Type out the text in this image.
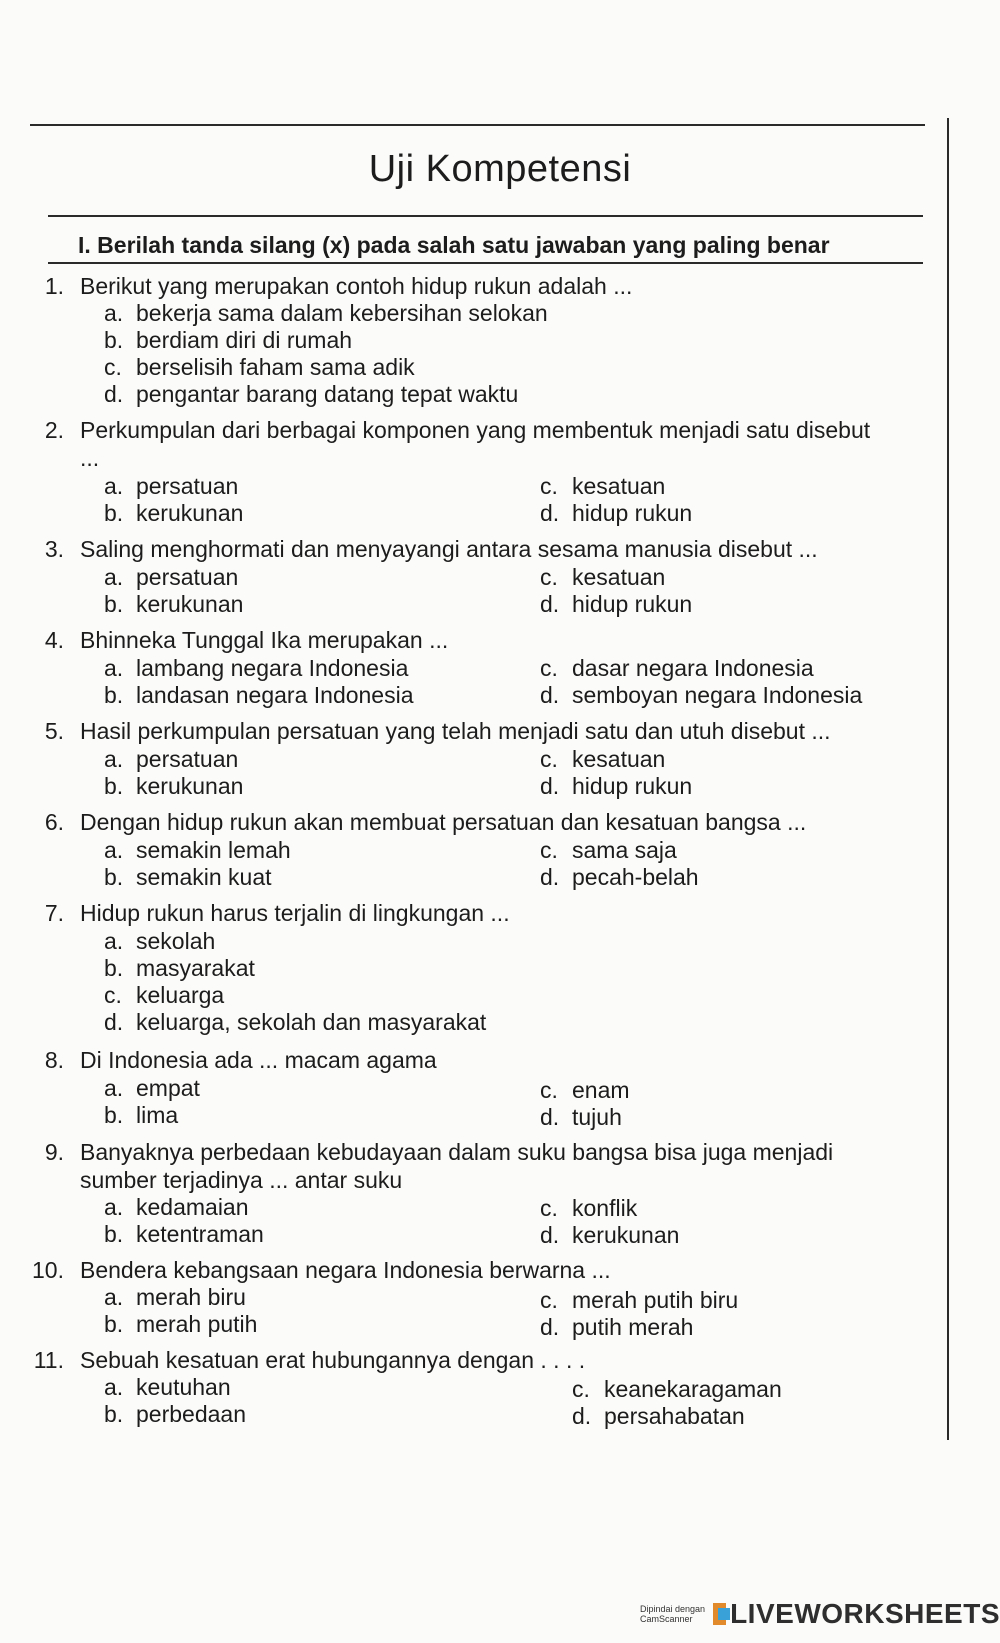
Uji Kompetensi
I. Berilah tanda silang (x) pada salah satu jawaban yang paling benar
1. Berikut yang merupakan contoh hidup rukun adalah ...
a. bekerja sama dalam kebersihan selokan
b. berdiam diri di rumah
c. berselisih faham sama adik
d. pengantar barang datang tepat waktu
2. Perkumpulan dari berbagai komponen yang membentuk menjadi satu disebut ...
a. persatuan
b. kerukunan
c. kesatuan
d. hidup rukun
3. Saling menghormati dan menyayangi antara sesama manusia disebut ...
a. persatuan
b. kerukunan
c. kesatuan
d. hidup rukun
4. Bhinneka Tunggal Ika merupakan ...
a. lambang negara Indonesia
b. landasan negara Indonesia
c. dasar negara Indonesia
d. semboyan negara Indonesia
5. Hasil perkumpulan persatuan yang telah menjadi satu dan utuh disebut ...
a. persatuan
b. kerukunan
c. kesatuan
d. hidup rukun
6. Dengan hidup rukun akan membuat persatuan dan kesatuan bangsa ...
a. semakin lemah
b. semakin kuat
c. sama saja
d. pecah-belah
7. Hidup rukun harus terjalin di lingkungan ...
a. sekolah
b. masyarakat
c. keluarga
d. keluarga, sekolah dan masyarakat
8. Di Indonesia ada ... macam agama
a. empat
b. lima
c. enam
d. tujuh
9. Banyaknya perbedaan kebudayaan dalam suku bangsa bisa juga menjadi sumber terjadinya ... antar suku
a. kedamaian
b. ketentraman
c. konflik
d. kerukunan
10. Bendera kebangsaan negara Indonesia berwarna ...
a. merah biru
b. merah putih
c. merah putih biru
d. putih merah
11. Sebuah kesatuan erat hubungannya dengan . . . .
a. keutuhan
b. perbedaan
c. keanekaragaman
d. persahabatan
Dipindai dengan CamScanner	LIVEWORKSHEETS
